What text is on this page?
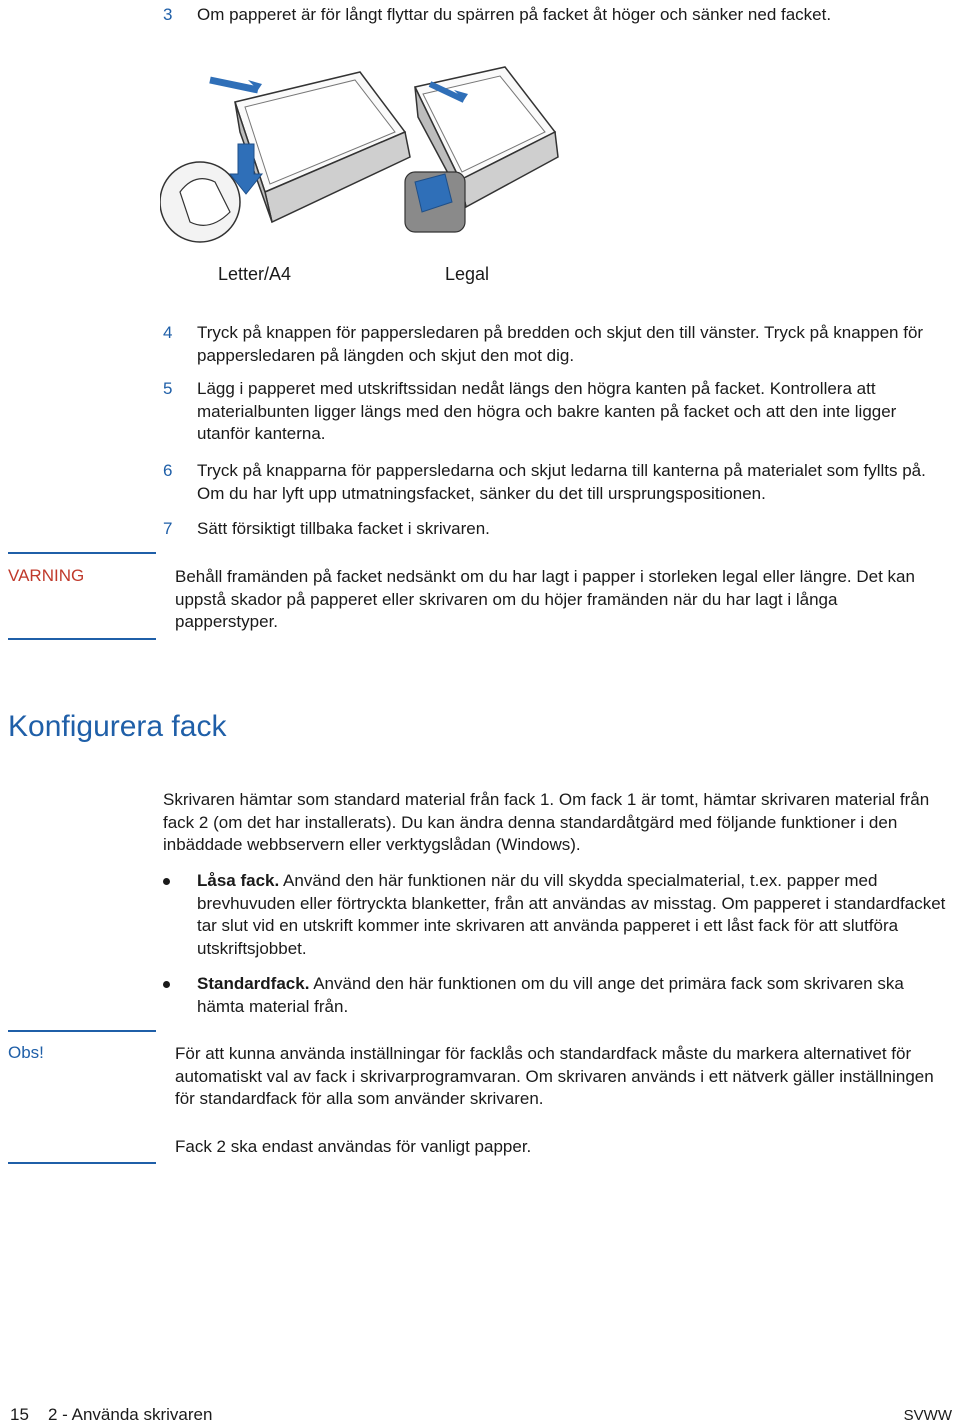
3 Om papperet är för långt flyttar du spärren på facket åt höger och sänker ned facket.
Letter/A4	Legal
4 Tryck på knappen för pappersledaren på bredden och skjut den till vänster. Tryck på knappen för pappersledaren på längden och skjut den mot dig.
5 Lägg i papperet med utskriftssidan nedåt längs den högra kanten på facket. Kontrollera att materialbunten ligger längs med den högra och bakre kanten på facket och att den inte ligger utanför kanterna.
6 Tryck på knapparna för pappersledarna och skjut ledarna till kanterna på materialet som fyllts på. Om du har lyft upp utmatningsfacket, sänker du det till ursprungspositionen.
7 Sätt försiktigt tillbaka facket i skrivaren.
VARNING	Behåll framänden på facket nedsänkt om du har lagt i papper i storleken legal eller längre. Det kan uppstå skador på papperet eller skrivaren om du höjer framänden när du har lagt i långa papperstyper.
Konfigurera fack

Skrivaren hämtar som standard material från fack 1. Om fack 1 är tomt, hämtar skrivaren material från fack 2 (om det har installerats). Du kan ändra denna standardåtgärd med följande funktioner i den inbäddade webbservern eller verktygslådan (Windows).

Låsa fack. Använd den här funktionen när du vill skydda specialmaterial, t.ex. papper med brevhuvuden eller förtryckta blanketter, från att användas av misstag. Om papperet i standardfacket tar slut vid en utskrift kommer inte skrivaren att använda papperet i ett låst fack för att slutföra utskriftsjobbet.
Standardfack. Använd den här funktionen om du vill ange det primära fack som skrivaren ska hämta material från.
Obs!	För att kunna använda inställningar för facklås och standardfack måste du markera alternativet för automatiskt val av fack i skrivarprogramvaran. Om skrivaren används i ett nätverk gäller inställningen för standardfack för alla som använder skrivaren.
Fack 2 ska endast användas för vanligt papper.
15 2 - Använda skrivaren	SVWW
